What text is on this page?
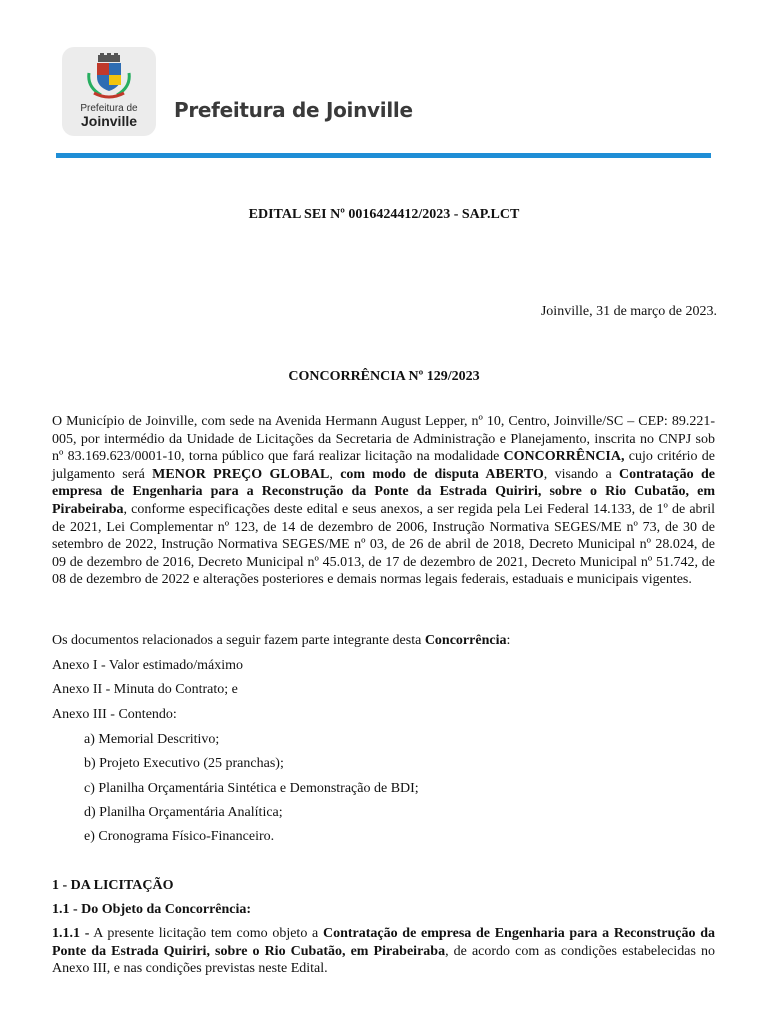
Prefeitura de
Joinville	Prefeitura de Joinville
EDITAL SEI Nº 0016424412/2023 - SAP.LCT
Joinville, 31 de março de 2023.
CONCORRÊNCIA Nº 129/2023
O Município de Joinville, com sede na Avenida Hermann August Lepper, nº 10, Centro, Joinville/SC – CEP: 89.221-005, por intermédio da Unidade de Licitações da Secretaria de Administração e Planejamento, inscrita no CNPJ sob nº 83.169.623/0001-10, torna público que fará realizar licitação na modalidade CONCORRÊNCIA, cujo critério de julgamento será MENOR PREÇO GLOBAL, com modo de disputa ABERTO, visando a Contratação de empresa de Engenharia para a Reconstrução da Ponte da Estrada Quiriri, sobre o Rio Cubatão, em Pirabeiraba, conforme especificações deste edital e seus anexos, a ser regida pela Lei Federal 14.133, de 1º de abril de 2021, Lei Complementar nº 123, de 14 de dezembro de 2006, Instrução Normativa SEGES/ME nº 73, de 30 de setembro de 2022, Instrução Normativa SEGES/ME nº 03, de 26 de abril de 2018, Decreto Municipal nº 28.024, de 09 de dezembro de 2016, Decreto Municipal nº 45.013, de 17 de dezembro de 2021, Decreto Municipal nº 51.742, de 08 de dezembro de 2022 e alterações posteriores e demais normas legais federais, estaduais e municipais vigentes.
Os documentos relacionados a seguir fazem parte integrante desta Concorrência:
Anexo I - Valor estimado/máximo
Anexo II - Minuta do Contrato; e
Anexo III - Contendo:
a) Memorial Descritivo;
b) Projeto Executivo (25 pranchas);
c) Planilha Orçamentária Sintética e Demonstração de BDI;
d) Planilha Orçamentária Analítica;
e) Cronograma Físico-Financeiro.
1 - DA LICITAÇÃO
1.1 - Do Objeto da Concorrência:
1.1.1 - A presente licitação tem como objeto a Contratação de empresa de Engenharia para a Reconstrução da Ponte da Estrada Quiriri, sobre o Rio Cubatão, em Pirabeiraba, de acordo com as condições estabelecidas no Anexo III, e nas condições previstas neste Edital.
